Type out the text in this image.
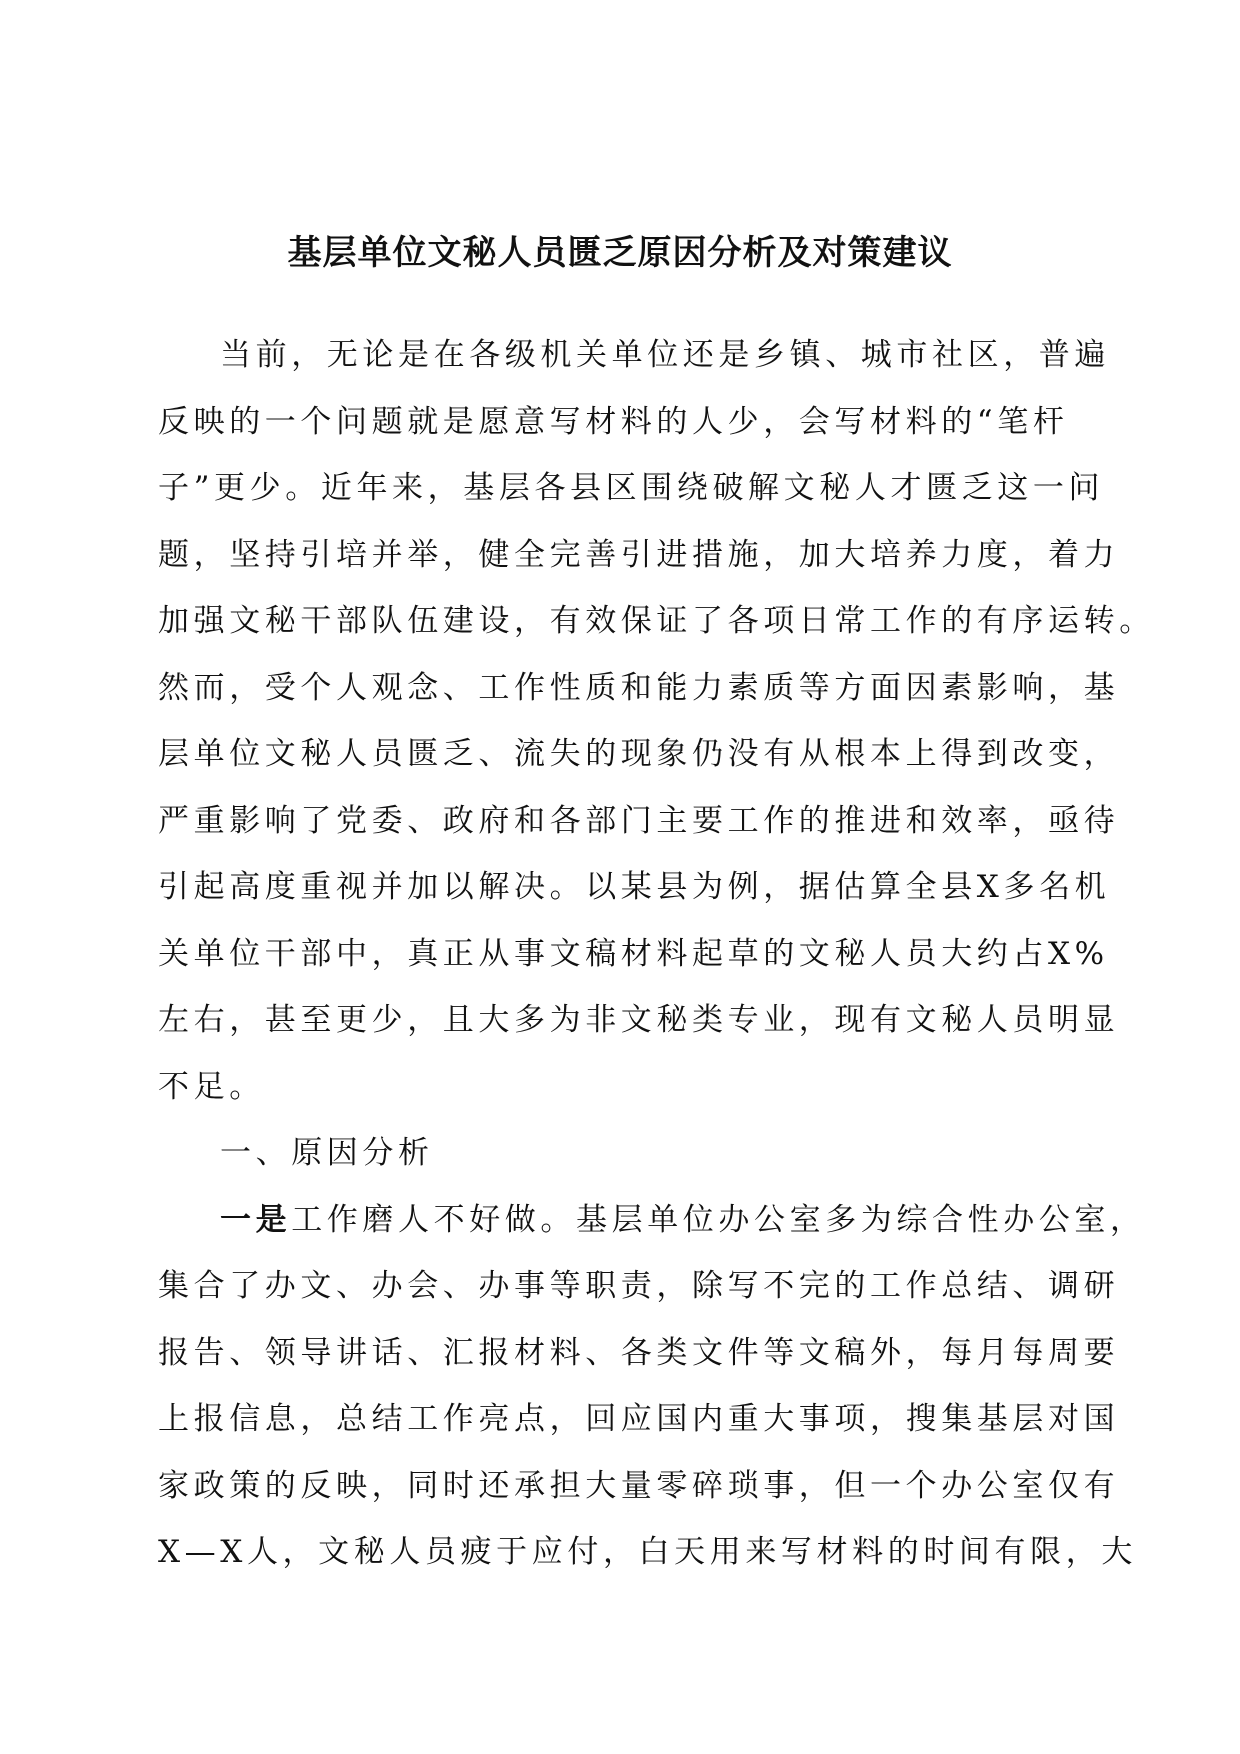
基层单位文秘人员匮乏原因分析及对策建议
当前，无论是在各级机关单位还是乡镇、城市社区，普遍
反映的一个问题就是愿意写材料的人少，会写材料的“笔杆
子”更少。近年来，基层各县区围绕破解文秘人才匮乏这一问
题，坚持引培并举，健全完善引进措施，加大培养力度，着力
加强文秘干部队伍建设，有效保证了各项日常工作的有序运转。
然而，受个人观念、工作性质和能力素质等方面因素影响，基
层单位文秘人员匮乏、流失的现象仍没有从根本上得到改变，
严重影响了党委、政府和各部门主要工作的推进和效率，亟待
引起高度重视并加以解决。以某县为例，据估算全县X多名机
关单位干部中，真正从事文稿材料起草的文秘人员大约占X%
左右，甚至更少，且大多为非文秘类专业，现有文秘人员明显
不足。
一、原因分析
一是工作磨人不好做。基层单位办公室多为综合性办公室，
集合了办文、办会、办事等职责，除写不完的工作总结、调研
报告、领导讲话、汇报材料、各类文件等文稿外，每月每周要
上报信息，总结工作亮点，回应国内重大事项，搜集基层对国
家政策的反映，同时还承担大量零碎琐事，但一个办公室仅有
X—X人，文秘人员疲于应付，白天用来写材料的时间有限，大
